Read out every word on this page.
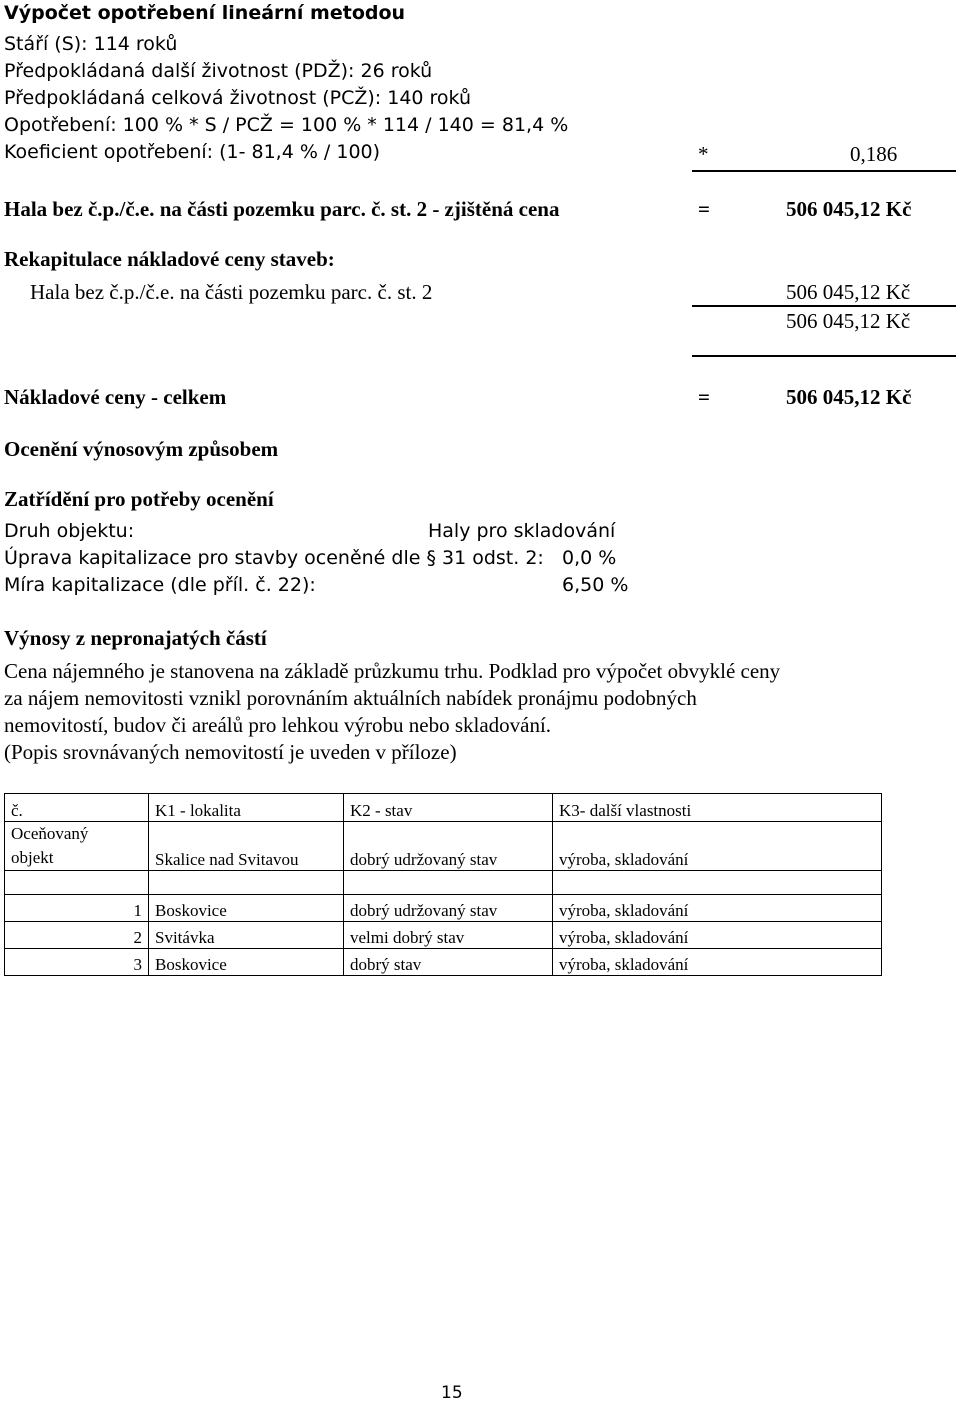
Výpočet opotřebení lineární metodou
Stáří (S): 114 roků
Předpokládaná další životnost (PDŽ): 26 roků
Předpokládaná celková životnost (PCŽ): 140 roků
Opotřebení: 100 % * S / PCŽ = 100 % * 114 / 140 = 81,4 %
Koeficient opotřebení: (1- 81,4 % / 100)	*	0,186
Hala bez č.p./č.e. na části pozemku parc. č. st. 2 - zjištěná cena	=	506 045,12 Kč
Rekapitulace nákladové ceny staveb:
Hala bez č.p./č.e. na části pozemku parc. č. st. 2	506 045,12 Kč
506 045,12 Kč
Nákladové ceny - celkem	=	506 045,12 Kč
Ocenění výnosovým způsobem
Zatřídění pro potřeby ocenění
Druh objektu:	Haly pro skladování
Úprava kapitalizace pro stavby oceněné dle § 31 odst. 2: 0,0 %
Míra kapitalizace (dle příl. č. 22):	6,50 %
Výnosy z nepronajatých částí
Cena nájemného je stanovena na základě průzkumu trhu. Podklad pro výpočet obvyklé ceny
za nájem nemovitosti vznikl porovnáním aktuálních nabídek pronájmu podobných
nemovitostí, budov či areálů pro lehkou výrobu nebo skladování.
(Popis srovnávaných nemovitostí je uveden v příloze)
č.	K1 - lokalita	K2 - stav	K3- další vlastnosti
Oceňovaný
objekt	Skalice nad Svitavou	dobrý udržovaný stav	výroba, skladování

1	Boskovice	dobrý udržovaný stav	výroba, skladování
2	Svitávka	velmi dobrý stav	výroba, skladování
3	Boskovice	dobrý stav	výroba, skladování
15
